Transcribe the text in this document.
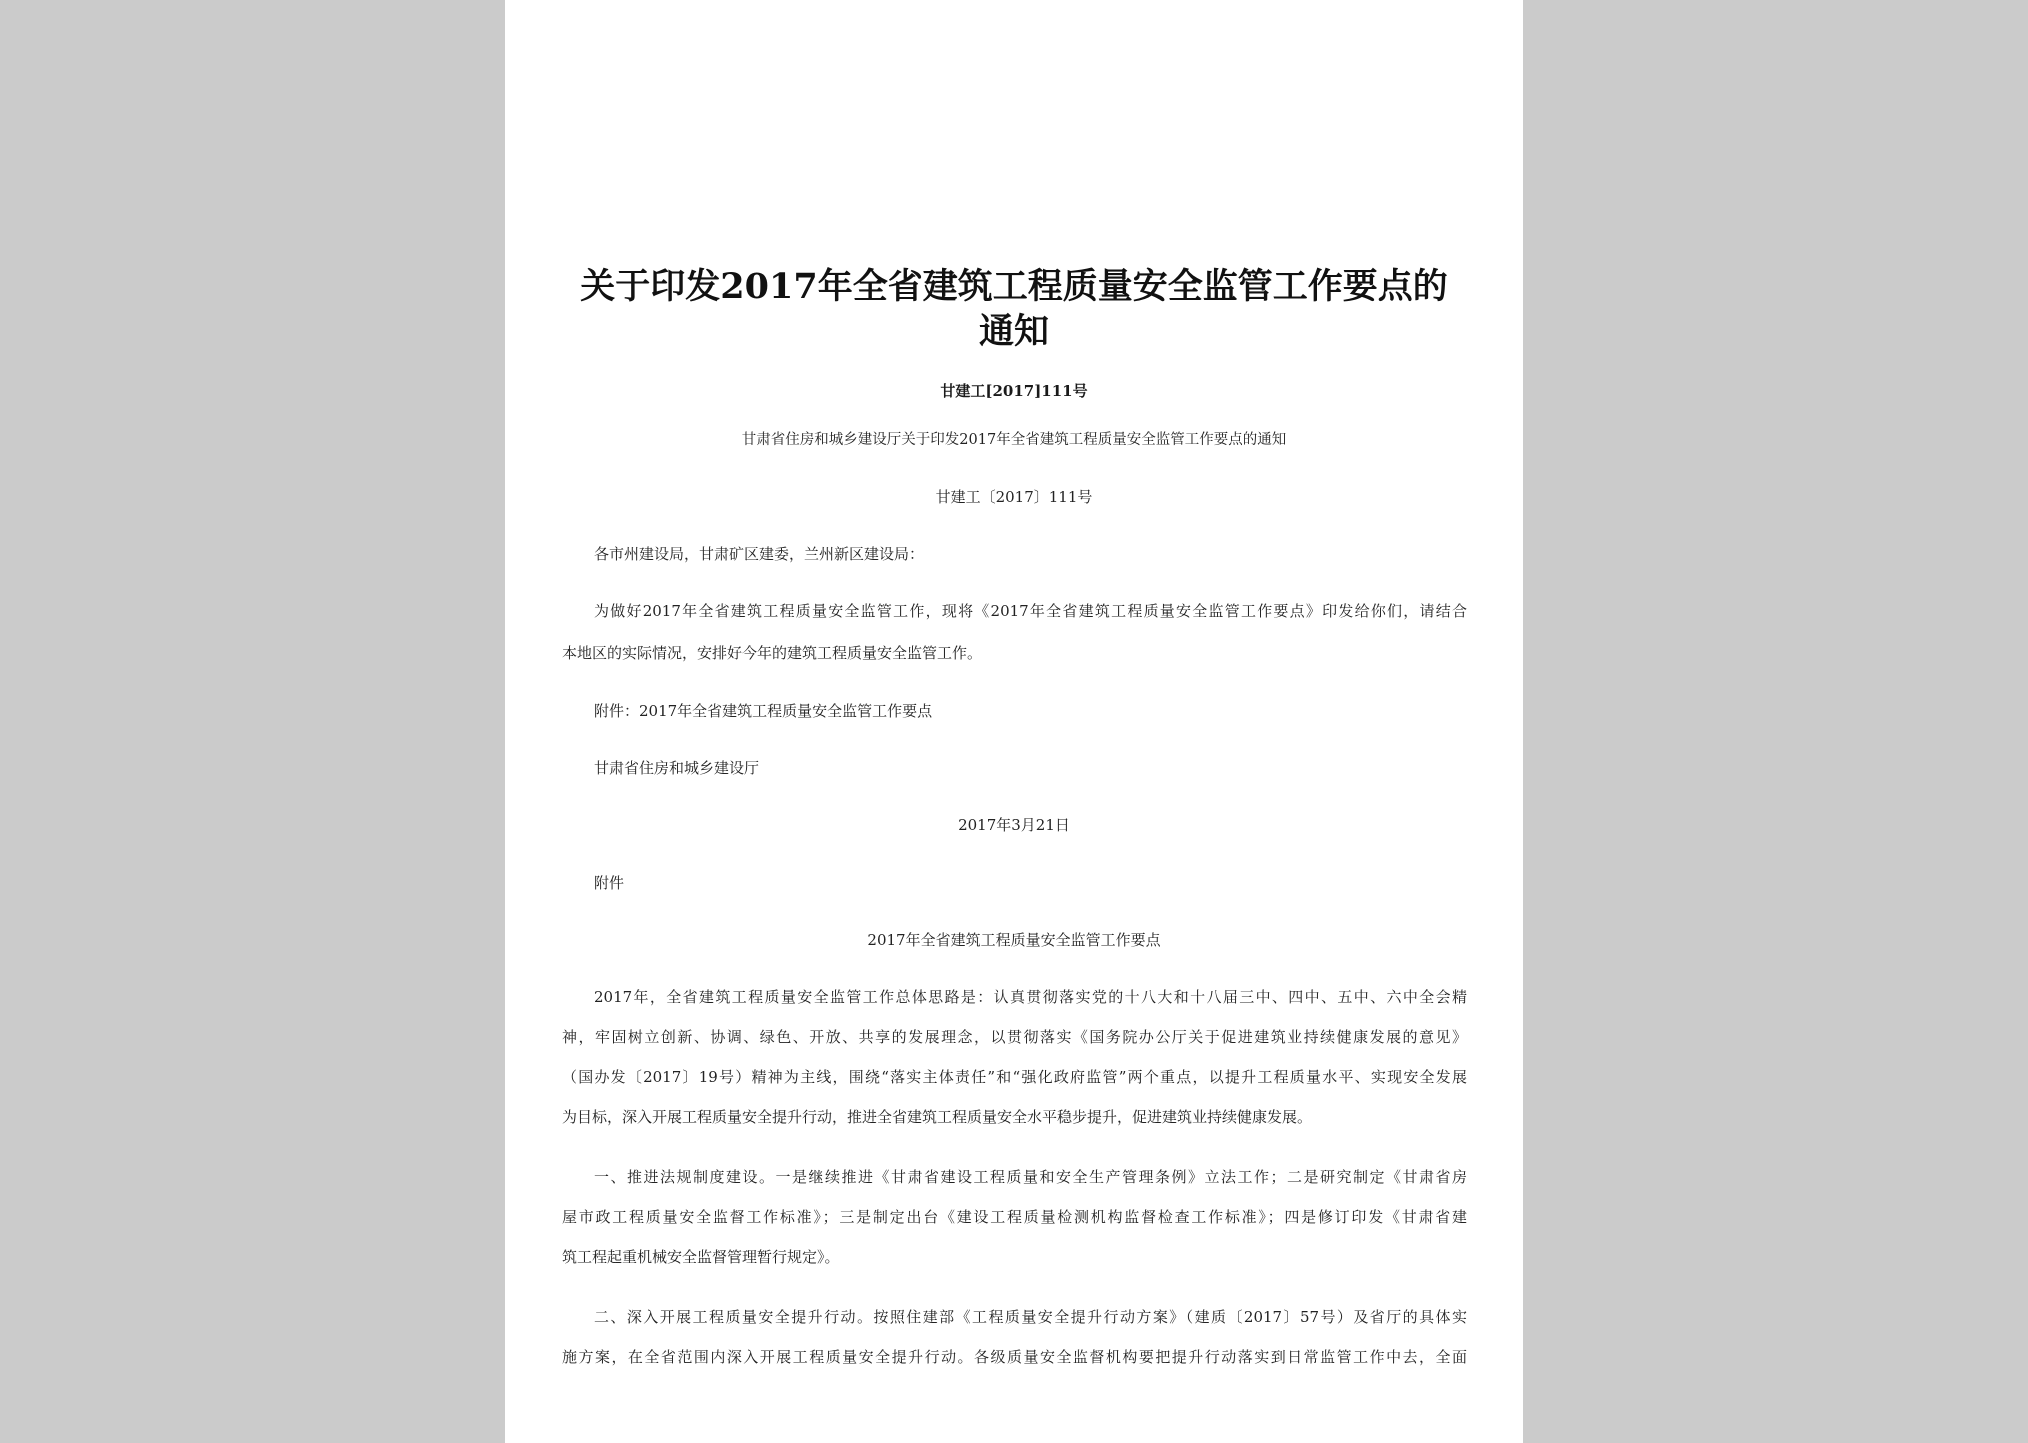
关于印发2017年全省建筑工程质量安全监管工作要点的
通知

甘建工[2017]111号

甘肃省住房和城乡建设厅关于印发2017年全省建筑工程质量安全监管工作要点的通知

甘建工〔2017〕111号

各市州建设局，甘肃矿区建委，兰州新区建设局：

为做好2017年全省建筑工程质量安全监管工作，现将《2017年全省建筑工程质量安全监管工作要点》印发给你们，请结合

本地区的实际情况，安排好今年的建筑工程质量安全监管工作。

附件：2017年全省建筑工程质量安全监管工作要点

甘肃省住房和城乡建设厅

2017年3月21日

附件

2017年全省建筑工程质量安全监管工作要点

2017年，全省建筑工程质量安全监管工作总体思路是：认真贯彻落实党的十八大和十八届三中、四中、五中、六中全会精

神，牢固树立创新、协调、绿色、开放、共享的发展理念，以贯彻落实《国务院办公厅关于促进建筑业持续健康发展的意见》

（国办发〔2017〕19号）精神为主线，围绕“落实主体责任”和“强化政府监管”两个重点，以提升工程质量水平、实现安全发展

为目标，深入开展工程质量安全提升行动，推进全省建筑工程质量安全水平稳步提升，促进建筑业持续健康发展。

一、推进法规制度建设。一是继续推进《甘肃省建设工程质量和安全生产管理条例》立法工作；二是研究制定《甘肃省房

屋市政工程质量安全监督工作标准》；三是制定出台《建设工程质量检测机构监督检查工作标准》；四是修订印发《甘肃省建

筑工程起重机械安全监督管理暂行规定》。

二、深入开展工程质量安全提升行动。按照住建部《工程质量安全提升行动方案》（建质〔2017〕57号）及省厅的具体实

施方案，在全省范围内深入开展工程质量安全提升行动。各级质量安全监督机构要把提升行动落实到日常监管工作中去，全面
